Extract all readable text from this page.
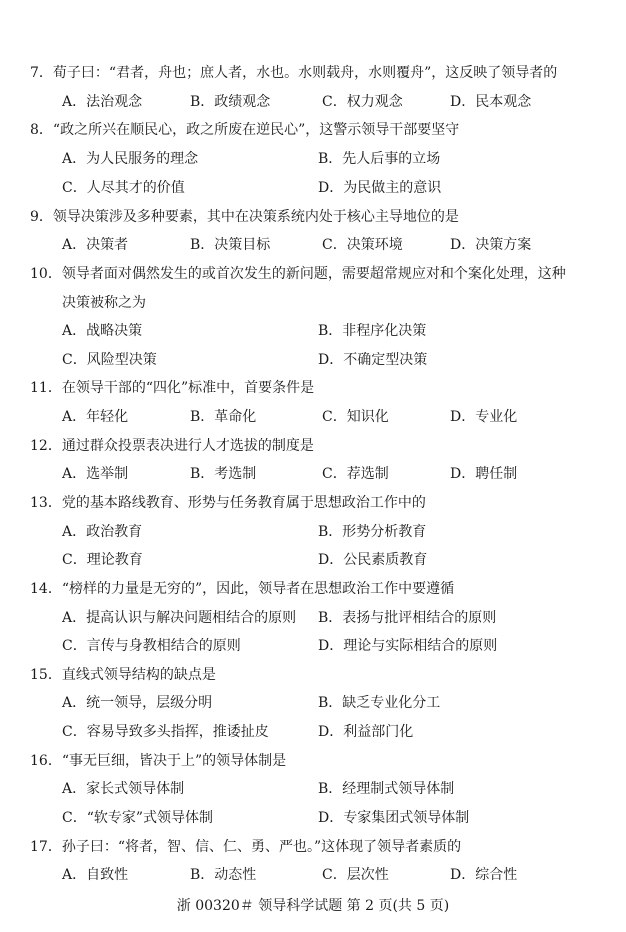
7．荀子曰：“君者，舟也；庶人者，水也。水则载舟，水则覆舟”，这反映了领导者的
A．法治观念	B．政绩观念	C．权力观念	D．民本观念
8．“政之所兴在顺民心，政之所废在逆民心”，这警示领导干部要坚守
A．为人民服务的理念	B．先人后事的立场
C．人尽其才的价值	D．为民做主的意识
9．领导决策涉及多种要素，其中在决策系统内处于核心主导地位的是
A．决策者	B．决策目标	C．决策环境	D．决策方案
10．领导者面对偶然发生的或首次发生的新问题，需要超常规应对和个案化处理，这种
决策被称之为
A．战略决策	B．非程序化决策
C．风险型决策	D．不确定型决策
11．在领导干部的“四化”标准中，首要条件是
A．年轻化	B．革命化	C．知识化	D．专业化
12．通过群众投票表决进行人才选拔的制度是
A．选举制	B．考选制	C．荐选制	D．聘任制
13．党的基本路线教育、形势与任务教育属于思想政治工作中的
A．政治教育	B．形势分析教育
C．理论教育	D．公民素质教育
14．“榜样的力量是无穷的”，因此，领导者在思想政治工作中要遵循
A．提高认识与解决问题相结合的原则 B．表扬与批评相结合的原则
C．言传与身教相结合的原则	D．理论与实际相结合的原则
15．直线式领导结构的缺点是
A．统一领导，层级分明	B．缺乏专业化分工
C．容易导致多头指挥，推诿扯皮	D．利益部门化
16．“事无巨细，皆决于上”的领导体制是
A．家长式领导体制	B．经理制式领导体制
C．“软专家”式领导体制	D．专家集团式领导体制
17．孙子曰：“将者，智、信、仁、勇、严也。”这体现了领导者素质的
A．自致性	B．动态性	C．层次性	D．综合性
浙 00320＃ 领导科学试题 第 2 页(共 5 页)
